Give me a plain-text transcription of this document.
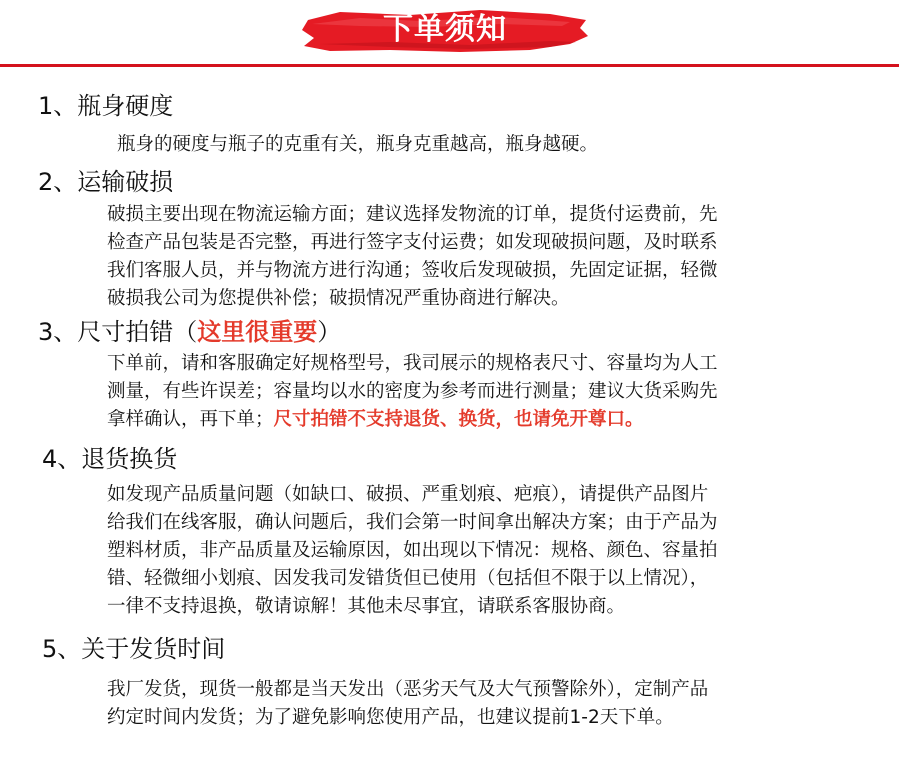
下单须知
1、瓶身硬度
瓶身的硬度与瓶子的克重有关，瓶身克重越高，瓶身越硬。
2、运输破损
破损主要出现在物流运输方面；建议选择发物流的订单，提货付运费前，先
检查产品包装是否完整，再进行签字支付运费；如发现破损问题，及时联系
我们客服人员，并与物流方进行沟通；签收后发现破损，先固定证据，轻微
破损我公司为您提供补偿；破损情况严重协商进行解决。
3、尺寸拍错（这里很重要）
下单前，请和客服确定好规格型号，我司展示的规格表尺寸、容量均为人工
测量，有些许误差；容量均以水的密度为参考而进行测量；建议大货采购先
拿样确认，再下单；尺寸拍错不支持退货、换货，也请免开尊口。
4、退货换货
如发现产品质量问题（如缺口、破损、严重划痕、疤痕），请提供产品图片
给我们在线客服，确认问题后，我们会第一时间拿出解决方案；由于产品为
塑料材质，非产品质量及运输原因，如出现以下情况：规格、颜色、容量拍
错、轻微细小划痕、因发我司发错货但已使用（包括但不限于以上情况），
一律不支持退换，敬请谅解！其他未尽事宜，请联系客服协商。
5、关于发货时间
我厂发货，现货一般都是当天发出（恶劣天气及大气预警除外），定制产品
约定时间内发货；为了避免影响您使用产品，也建议提前1-2天下单。
